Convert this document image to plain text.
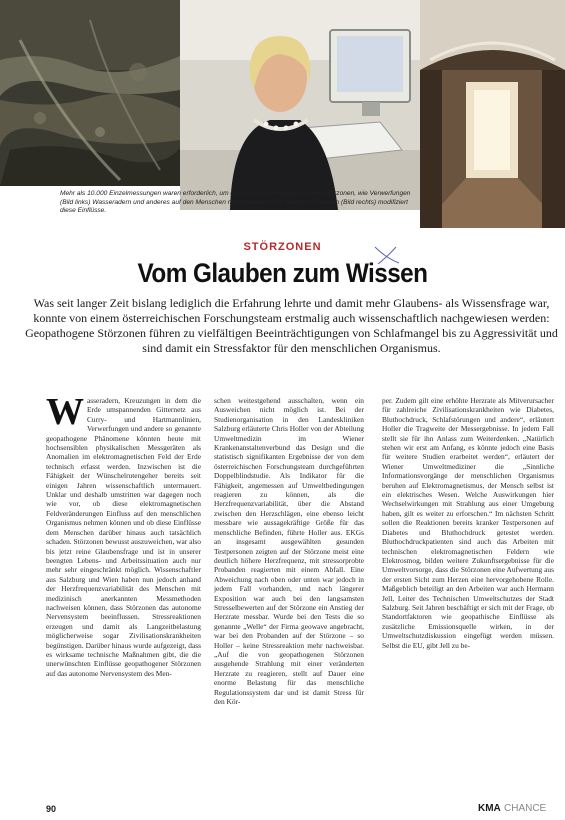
Mehr als 10.000 Einzelmessungen waren erforderlich, um die Wirkung von geopathischen Störzonen, wie Verwerfungen (Bild links) Wasseradern und anderes auf den Menschen nachzuweisen. Die Wiege von Neuem (Bild rechts) modifiziert diese Einflüsse.

STÖRZONEN
Vom Glauben zum Wissen

Was seit langer Zeit bislang lediglich die Erfahrung lehrte und damit mehr Glaubens- als Wissensfrage war, konnte von einem österreichischen Forschungsteam erstmalig auch wissenschaftlich nachgewiesen werden: Geopathogene Störzonen führen zu vielfältigen Beeinträchtigungen von Schlafmangel bis zu Aggressivität und sind damit ein Stressfaktor für den menschlichen Organismus.

W asseradern, Kreuzungen in dem die Erde umspannenden Gitternetz aus Curry- und Hartmannlinien, Verwerfungen und andere so genannte geopathogene Phänomene könnten heute mit hochsensiblen physikalischen Messgeräten als Anomalien im elektromagnetischen Feld der Erde technisch erfasst werden. Inzwischen ist die Fähigkeit der Wünschelrutengeher bereits seit einigen Jahren wissenschaftlich untermauert. Unklar und deshalb umstritten war dagegen noch wie vor, ob diese elektromagnetischen Feldveränderungen Einfluss auf den menschlichen Organismus nehmen können und ob diese Einflüsse dem Menschen darüber hinaus auch tatsächlich schaden. Störzonen bewusst auszuweichen, war also bis jetzt reine Glaubensfrage und ist in unserer beengten Lebens- und Arbeitssituation auch nur mehr sehr eingeschränkt möglich. Wissenschaftler aus Salzburg und Wien haben nun jedoch anhand der Herzfrequenzvariabilität des Menschen mit medizinisch anerkannten Messmethoden nachweisen können, dass Störzonen das autonome Nervensystem beeinflussen. Stressreaktionen erzeugen und damit als Langzeitbelastung möglicherweise sogar Zivilisationskrankheiten begünstigen. Darüber hinaus wurde aufgezeigt, dass es wirksame technische Maßnahmen gibt, die die unerwünschten Einflüsse geopathogener Störzonen auf das autonome Nervensystem des Men-

schen weitestgehend ausschalten, wenn ein Ausweichen nicht möglich ist. Bei der Studienorganisation in den Landeskliniken Salzburg erläuterte Chris Holler von der Abteilung Umweltmedizin im Wiener Krankenanstaltenverbund das Design und die statistisch signifikanten Ergebnisse der von dem österreichischen Forschungsteam durchgeführten Doppelblindstudie. Als Indikator für die Fähigkeit, angemessen auf Umweltbedingungen reagieren zu können, als die Herzfrequenzvariabilität, über die Abstand zwischen den Herzschlägen, eine ebenso leicht messbare wie aussagekräftige Größe für das menschliche Befinden, führte Holler aus. EKGs an insgesamt ausgewählten gesunden Testpersonen zeigten auf der Störzone meist eine deutlich höhere Herzfrequenz, mit stressorprobte Probanden reagierten mit einem Abfall. Eine Abweichung nach oben oder unten war jedoch in jedem Fall vorhanden, und nach längerer Exposition war auch bei den langsamsten Stresselbewerten auf der Störzone ein Anstieg der Herzrate messbar. Wurde bei den Tests die so genannte „Welle“ der Firma geowave angebracht, war bei den Probanden auf der Störzone – so Holler – keine Stressreaktion mehr nachweisbar. „Auf die von geopathogenen Störzonen ausgehende Strahlung mit einer veränderten Herzrate zu reagieren, stellt auf Dauer eine enorme Belastung für das menschliche Regulationssystem dar und ist damit Stress für den Kör-

per. Zudem gilt eine erhöhte Herzrate als Mitverursacher für zahlreiche Zivilisationskrankheiten wie Diabetes, Bluthochdruck, Schlafstörungen und andere“, erläutert Holler die Tragweite der Messergebnisse. In jedem Fall stellt sie für ihn Anlass zum Weiterdenken. „Natürlich stehen wir erst am Anfang, es könnte jedoch eine Basis für weitere Studien erarbeitet werden“, erläutert der Wiener Umweltmediziner die „Sinnliche Informationsvorgänge der menschlichen Organismus beruhen auf Elektromagnetismus, der Mensch selbst ist ein elektrisches Wesen. Welche Auswirkungen hier Wechselwirkungen mit Strahlung aus einer Umgebung haben, gilt es weiter zu erforschen.“ Im nächsten Schritt sollen die Reaktionen bereits kranker Testpersonen auf Diabetes und Bluthochdruck getestet werden. Bluthochdruckpatienten sind auch das Arbeiten mit technischen elektromagnetischen Feldern wie Elektrosmog, bilden weitere Zukunftsergebnisse für die Umweltvorsorge, dass die Störzonen eine Aufwertung aus der ersten Sicht zum Herzen eine hervorgehobene Rolle. Maßgeblich beteiligt an den Arbeiten war auch Hermann Jell, Leiter des Technischen Umweltschutzes der Stadt Salzburg. Seit Jahren beschäftigt er sich mit der Frage, ob Standortfaktoren wie geopathische Einflüsse als zusätzliche Emissionsquelle wirken, in der Umweltschutzdiskussion eingefügt werden müssen. Selbst die EU, gibt Jell zu be-

90	KMA CHANCE
